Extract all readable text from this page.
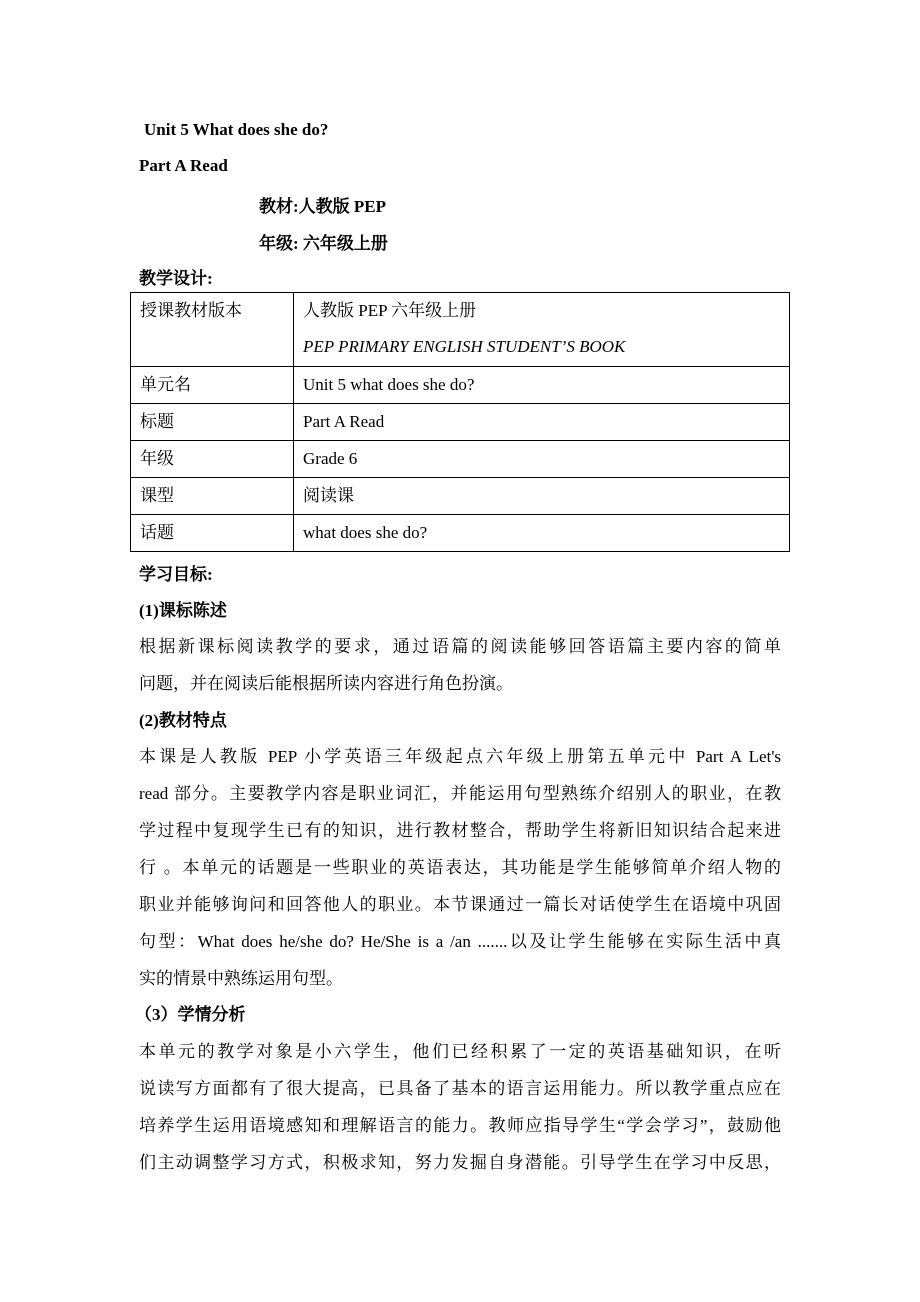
Unit 5 What does she do?
Part A Read
教材:人教版 PEP
年级: 六年级上册
教学设计:
授课教材版本	人教版 PEP 六年级上册
PEP PRIMARY ENGLISH STUDENT’S BOOK

单元名	Unit 5 what does she do?
标题	Part A Read
年级	Grade 6
课型	阅读课
话题	what does she do?
学习目标:
(1)课标陈述
(2)教材特点
（3）学情分析
根据新课标阅读教学的要求，通过语篇的阅读能够回答语篇主要内容的简单
问题，并在阅读后能根据所读内容进行角色扮演。
本课是人教版 PEP 小学英语三年级起点六年级上册第五单元中 Part A Let's
read 部分。主要教学内容是职业词汇，并能运用句型熟练介绍别人的职业，在教
学过程中复现学生已有的知识，进行教材整合，帮助学生将新旧知识结合起来进
行 。本单元的话题是一些职业的英语表达，其功能是学生能够简单介绍人物的
职业并能够询问和回答他人的职业。本节课通过一篇长对话使学生在语境中巩固
句型：What does he/she do? He/She is a /an .......以及让学生能够在实际生活中真
实的情景中熟练运用句型。
本单元的教学对象是小六学生，他们已经积累了一定的英语基础知识，在听
说读写方面都有了很大提高，已具备了基本的语言运用能力。所以教学重点应在
培养学生运用语境感知和理解语言的能力。教师应指导学生“学会学习”，鼓励他
们主动调整学习方式，积极求知，努力发掘自身潜能。引导学生在学习中反思，
